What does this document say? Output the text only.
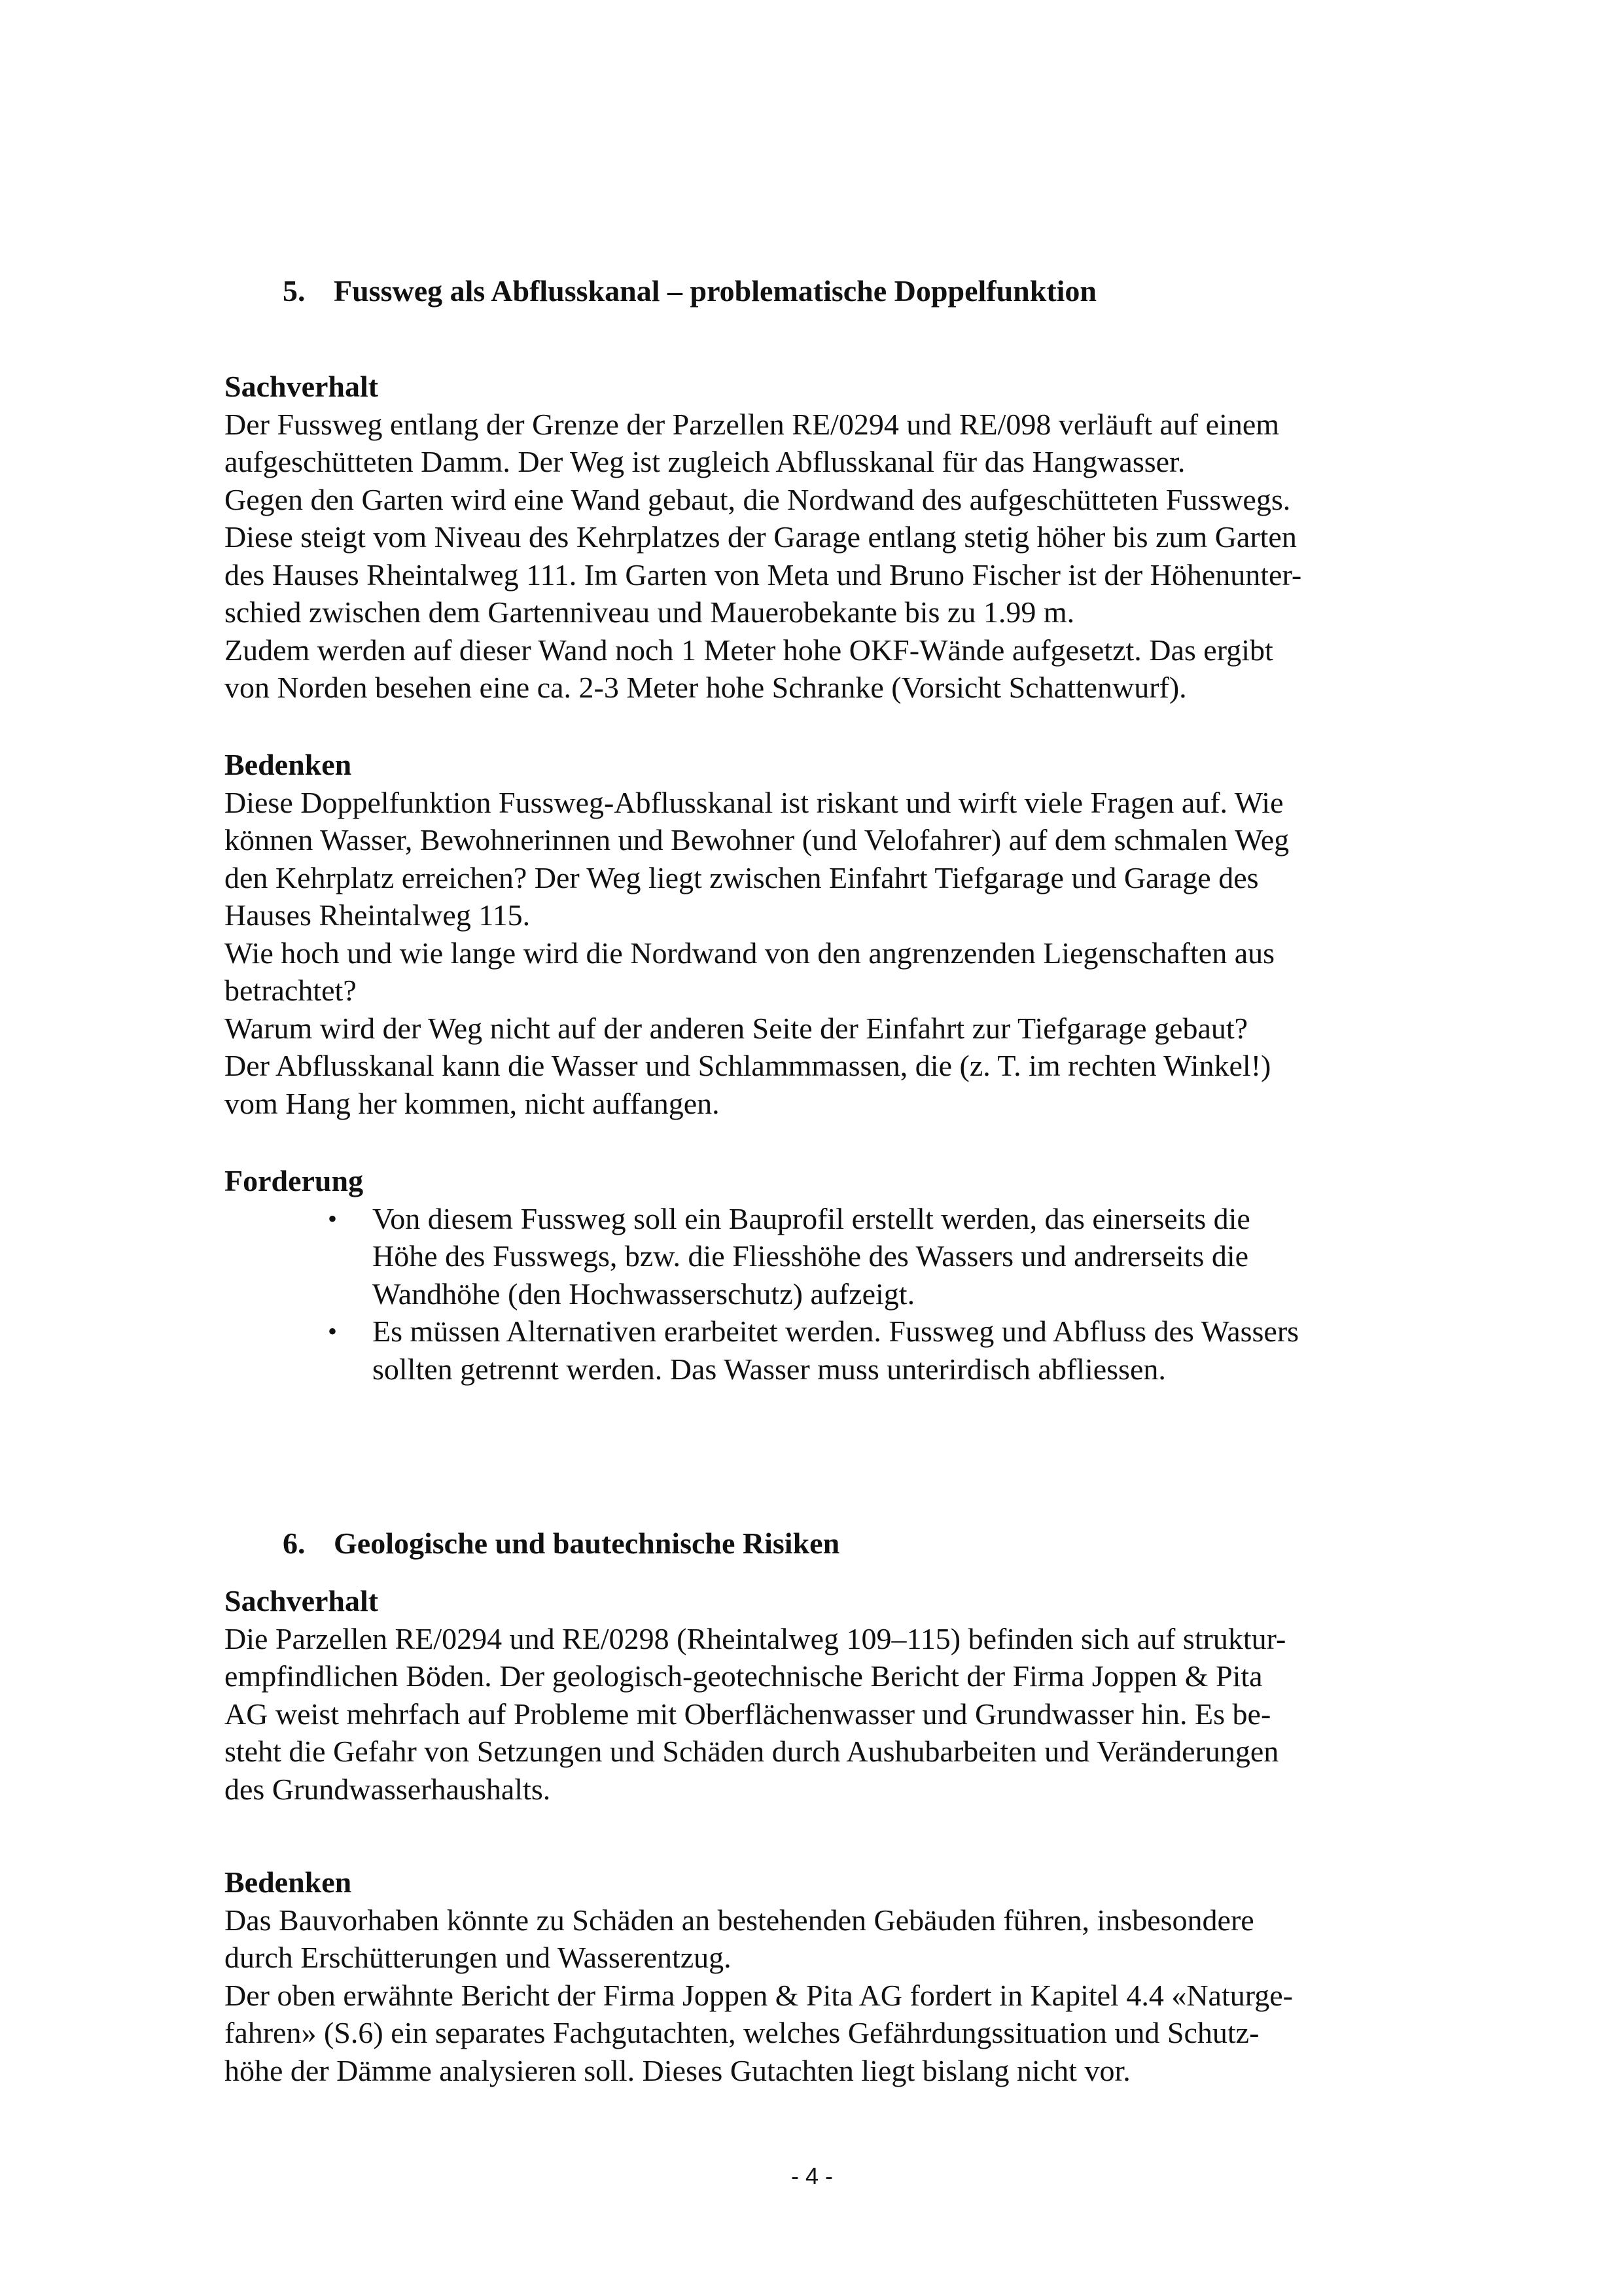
5. Fussweg als Abflusskanal – problematische Doppelfunktion
Sachverhalt
Der Fussweg entlang der Grenze der Parzellen RE/0294 und RE/098 verläuft auf einem
aufgeschütteten Damm. Der Weg ist zugleich Abflusskanal für das Hangwasser.
Gegen den Garten wird eine Wand gebaut, die Nordwand des aufgeschütteten Fusswegs.
Diese steigt vom Niveau des Kehrplatzes der Garage entlang stetig höher bis zum Garten
des Hauses Rheintalweg 111. Im Garten von Meta und Bruno Fischer ist der Höhenunter-
schied zwischen dem Gartenniveau und Mauerobekante bis zu 1.99 m.
Zudem werden auf dieser Wand noch 1 Meter hohe OKF-Wände aufgesetzt. Das ergibt
von Norden besehen eine ca. 2-3 Meter hohe Schranke (Vorsicht Schattenwurf).
Bedenken
Diese Doppelfunktion Fussweg-Abflusskanal ist riskant und wirft viele Fragen auf. Wie
können Wasser, Bewohnerinnen und Bewohner (und Velofahrer) auf dem schmalen Weg
den Kehrplatz erreichen? Der Weg liegt zwischen Einfahrt Tiefgarage und Garage des
Hauses Rheintalweg 115.
Wie hoch und wie lange wird die Nordwand von den angrenzenden Liegenschaften aus
betrachtet?
Warum wird der Weg nicht auf der anderen Seite der Einfahrt zur Tiefgarage gebaut?
Der Abflusskanal kann die Wasser und Schlammmassen, die (z. T. im rechten Winkel!)
vom Hang her kommen, nicht auffangen.
Forderung
• Von diesem Fussweg soll ein Bauprofil erstellt werden, das einerseits die
Höhe des Fusswegs, bzw. die Fliesshöhe des Wassers und andrerseits die
Wandhöhe (den Hochwasserschutz) aufzeigt.
• Es müssen Alternativen erarbeitet werden. Fussweg und Abfluss des Wassers
sollten getrennt werden. Das Wasser muss unterirdisch abfliessen.
6. Geologische und bautechnische Risiken
Sachverhalt
Die Parzellen RE/0294 und RE/0298 (Rheintalweg 109–115) befinden sich auf struktur-
empfindlichen Böden. Der geologisch-geotechnische Bericht der Firma Joppen & Pita
AG weist mehrfach auf Probleme mit Oberflächenwasser und Grundwasser hin. Es be-
steht die Gefahr von Setzungen und Schäden durch Aushubarbeiten und Veränderungen
des Grundwasserhaushalts.
Bedenken
Das Bauvorhaben könnte zu Schäden an bestehenden Gebäuden führen, insbesondere
durch Erschütterungen und Wasserentzug.
Der oben erwähnte Bericht der Firma Joppen & Pita AG fordert in Kapitel 4.4 «Naturge-
fahren» (S.6) ein separates Fachgutachten, welches Gefährdungssituation und Schutz-
höhe der Dämme analysieren soll. Dieses Gutachten liegt bislang nicht vor.
- 4 -
